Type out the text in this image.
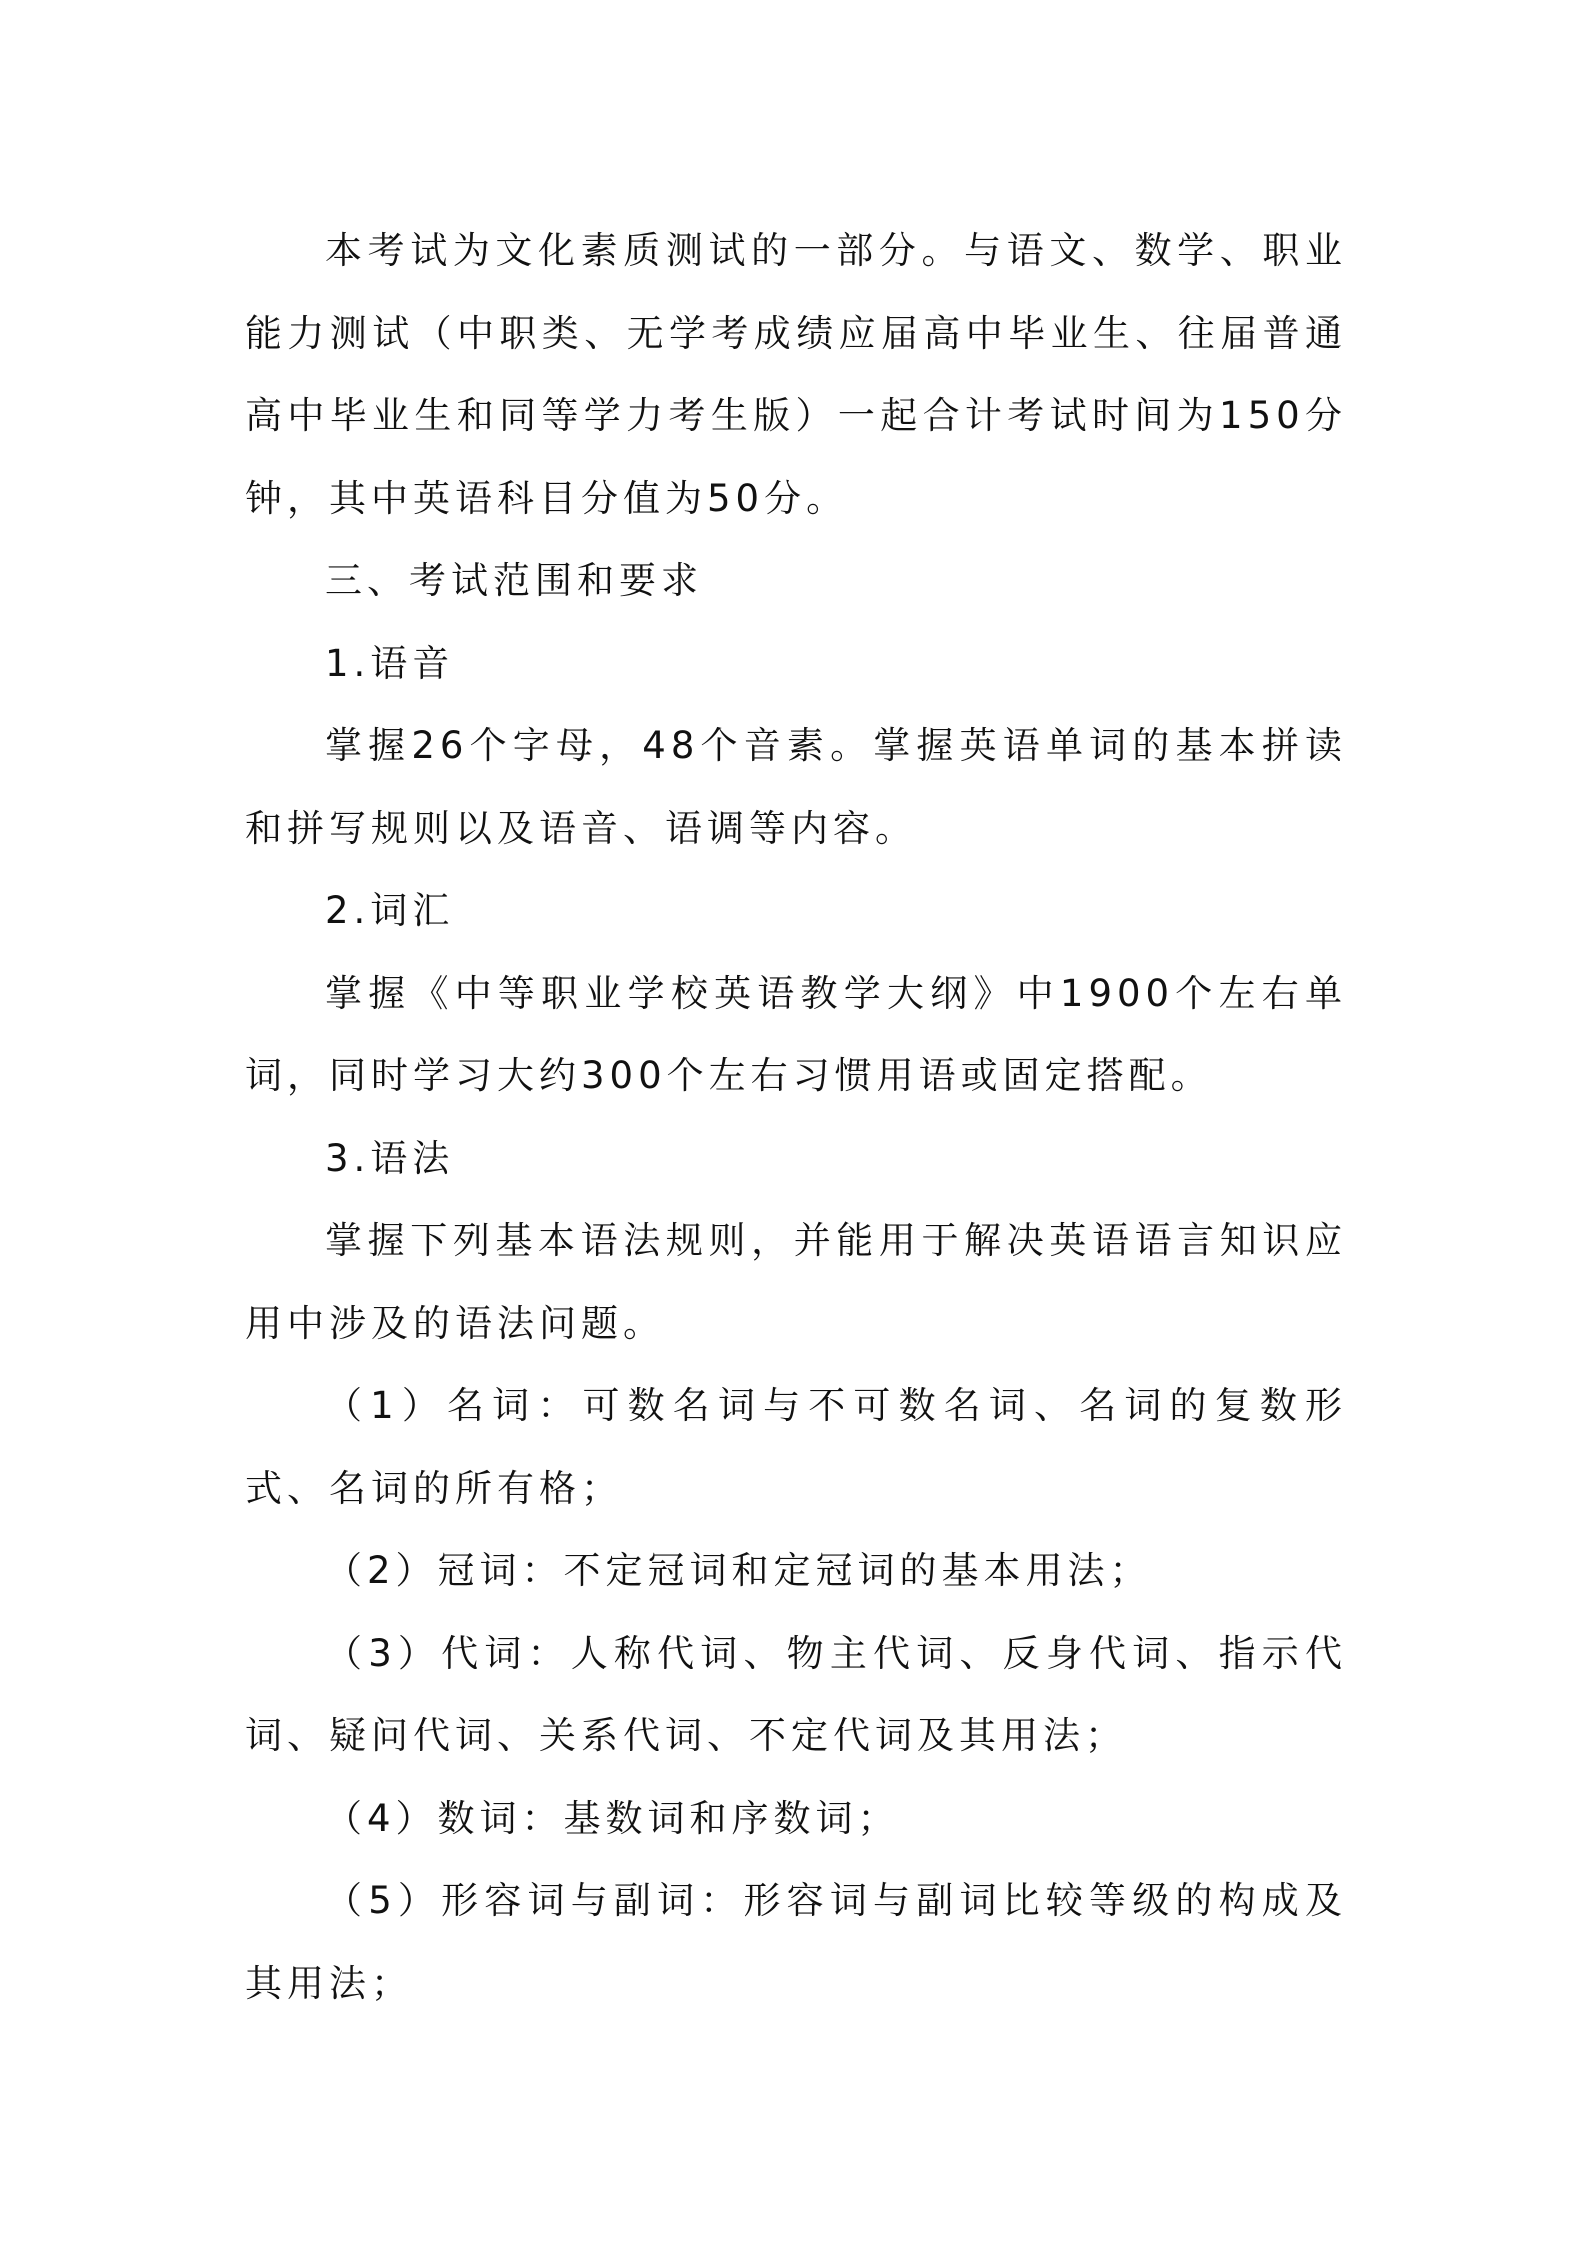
本考试为文化素质测试的一部分。与语文、数学、职业能力测试（中职类、无学考成绩应届高中毕业生、往届普通高中毕业生和同等学力考生版）一起合计考试时间为150分钟，其中英语科目分值为50分。

三、考试范围和要求

1.语音

掌握26个字母，48个音素。掌握英语单词的基本拼读和拼写规则以及语音、语调等内容。

2.词汇

掌握《中等职业学校英语教学大纲》中1900个左右单词，同时学习大约300个左右习惯用语或固定搭配。

3.语法

掌握下列基本语法规则，并能用于解决英语语言知识应用中涉及的语法问题。

（1）名词：可数名词与不可数名词、名词的复数形式、名词的所有格；

（2）冠词：不定冠词和定冠词的基本用法；

（3）代词：人称代词、物主代词、反身代词、指示代词、疑问代词、关系代词、不定代词及其用法；

（4）数词：基数词和序数词；

（5）形容词与副词：形容词与副词比较等级的构成及其用法；
